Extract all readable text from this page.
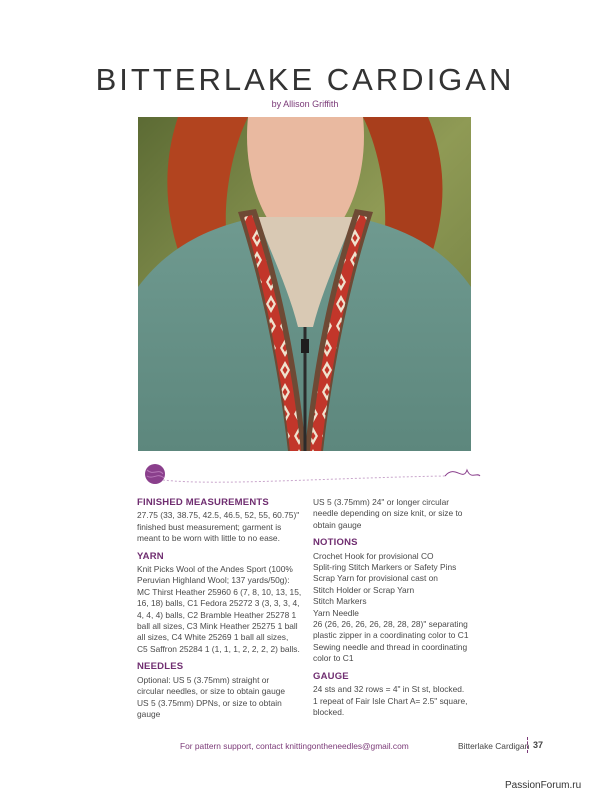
BITTERLAKE CARDIGAN
by Allison Griffith
FINISHED MEASUREMENTS
27.75 (33, 38.75, 42.5, 46.5, 52, 55, 60.75)"
finished bust measurement; garment is
meant to be worn with little to no ease.
YARN
Knit Picks Wool of the Andes Sport (100%
Peruvian Highland Wool; 137 yards/50g):
MC Thirst Heather 25960 6 (7, 8, 10, 13, 15,
16, 18) balls, C1 Fedora 25272 3 (3, 3, 3, 4,
4, 4, 4) balls, C2 Bramble Heather 25278 1
ball all sizes, C3 Mink Heather 25275 1 ball
all sizes, C4 White 25269 1 ball all sizes,
C5 Saffron 25284 1 (1, 1, 1, 2, 2, 2, 2) balls.
NEEDLES
Optional: US 5 (3.75mm) straight or
circular needles, or size to obtain gauge
US 5 (3.75mm) DPNs, or size to obtain
gauge
US 5 (3.75mm) 24" or longer circular
needle depending on size knit, or size to
obtain gauge
NOTIONS
Crochet Hook for provisional CO
Split-ring Stitch Markers or Safety Pins
Scrap Yarn for provisional cast on
Stitch Holder or Scrap Yarn
Stitch Markers
Yarn Needle
26 (26, 26, 26, 26, 28, 28, 28)" separating
plastic zipper in a coordinating color to C1
Sewing needle and thread in coordinating
color to C1
GAUGE
24 sts and 32 rows = 4" in St st, blocked.
1 repeat of Fair Isle Chart A= 2.5" square,
blocked.
For pattern support, contact knittingontheneedles@gmail.com	Bitterlake Cardigan 37
PassionForum.ru
